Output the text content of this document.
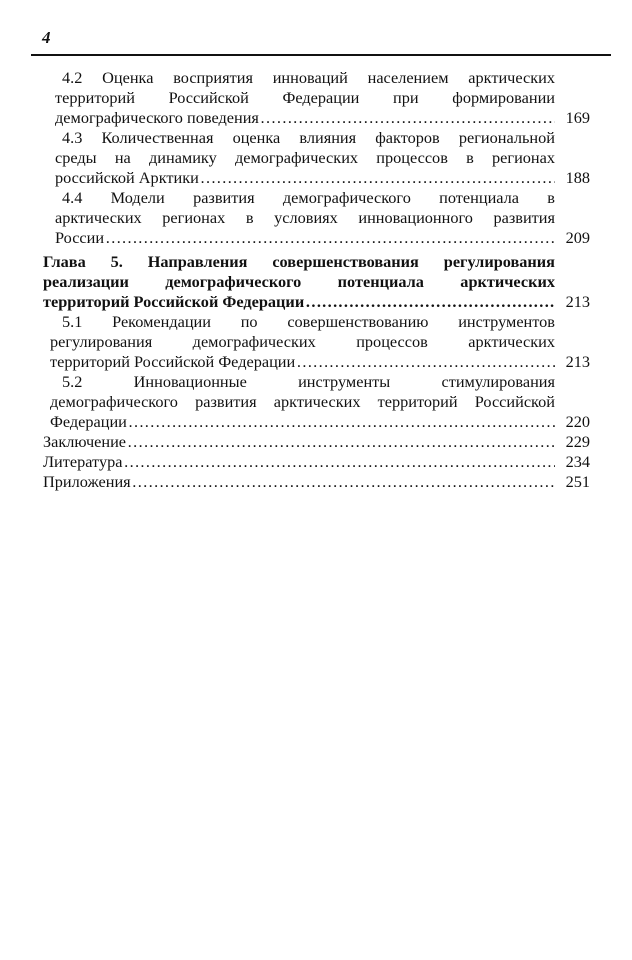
4
4.2 Оценка восприятия инноваций населением арктических
территорий Российской Федерации при формировании
демографического поведения ……………………………………………………………………………………………………………………	169
4.3 Количественная оценка влияния факторов региональной
среды на динамику демографических процессов в регионах
российской Арктики ……………………………………………………………………………………………………………………	188
4.4 Модели развития демографического потенциала в
арктических регионах в условиях инновационного развития
России ……………………………………………………………………………………………………………………	209
Глава 5. Направления совершенствования регулирования
реализации демографического потенциала арктических
территорий Российской Федерации ……………………………………………………………………………………………………………………	213
5.1 Рекомендации по совершенствованию инструментов
регулирования демографических процессов арктических
территорий Российской Федерации ……………………………………………………………………………………………………………………	213
5.2 Инновационные инструменты стимулирования
демографического развития арктических территорий Российской
Федерации ……………………………………………………………………………………………………………………	220
Заключение ……………………………………………………………………………………………………………………	229
Литература ……………………………………………………………………………………………………………………	234
Приложения ……………………………………………………………………………………………………………………	251
